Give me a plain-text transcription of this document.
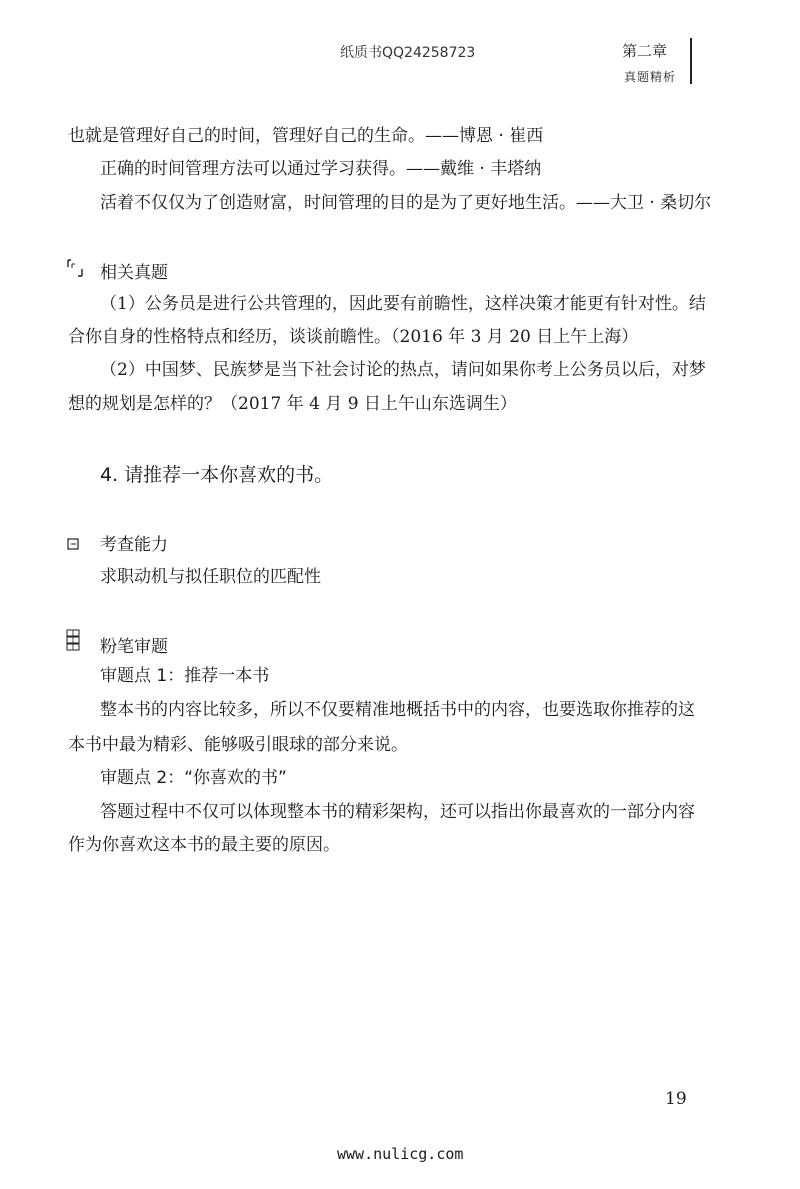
纸质书QQ24258723	第二章
真题精析
也就是管理好自己的时间，管理好自己的生命。——博恩 · 崔西
正确的时间管理方法可以通过学习获得。——戴维 · 丰塔纳
活着不仅仅为了创造财富，时间管理的目的是为了更好地生活。——大卫 · 桑切尔
相关真题
（1）公务员是进行公共管理的，因此要有前瞻性，这样决策才能更有针对性。结
合你自身的性格特点和经历，谈谈前瞻性。（2016 年 3 月 20 日上午上海）
（2）中国梦、民族梦是当下社会讨论的热点，请问如果你考上公务员以后，对梦
想的规划是怎样的？（2017 年 4 月 9 日上午山东选调生）
4. 请推荐一本你喜欢的书。
考查能力
求职动机与拟任职位的匹配性
粉笔审题
审题点 1：推荐一本书
整本书的内容比较多，所以不仅要精准地概括书中的内容，也要选取你推荐的这
本书中最为精彩、能够吸引眼球的部分来说。
审题点 2：“你喜欢的书”
答题过程中不仅可以体现整本书的精彩架构，还可以指出你最喜欢的一部分内容
作为你喜欢这本书的最主要的原因。
19
www.nulicg.com
